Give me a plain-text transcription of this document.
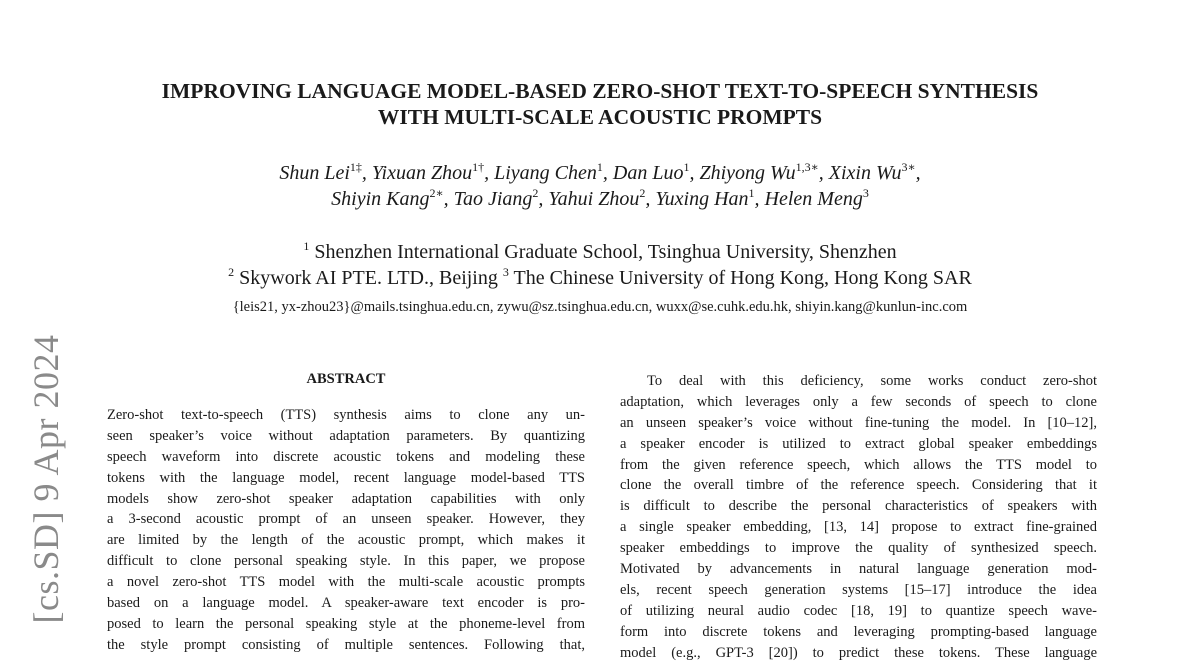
[cs.SD] 9 Apr 2024
IMPROVING LANGUAGE MODEL-BASED ZERO-SHOT TEXT-TO-SPEECH SYNTHESIS
WITH MULTI-SCALE ACOUSTIC PROMPTS
Shun Lei$^{1\ddagger}$, Yixuan Zhou$^{1\dagger}$, Liyang Chen$^1$, Dan Luo$^1$, Zhiyong $Wu^{1,3∗}$, Xixin $Wu^{3∗}$,
Shiyin Kang$^{2∗}$, Tao Jiang$^2$, Yahui Zhou$^2$, Yuxing Han$^1$, Helen Meng$^3$
$^1$ Shenzhen International Graduate School, Tsinghua University, Shenzhen
$^2$ Skywork AI PTE. LTD., Beijing $^3$ The Chinese University of Hong Kong, Hong Kong SAR
{leis21, yx-zhou23}@mails.tsinghua.edu.cn, zywu@sz.tsinghua.edu.cn, wuxx@se.cuhk.edu.hk, shiyin.kang@kunlun-inc.com
ABSTRACT
Zero-shot text-to-speech (TTS) synthesis aims to clone any un-
seen speaker’s voice without adaptation parameters. By quantizing
speech waveform into discrete acoustic tokens and modeling these
tokens with the language model, recent language model-based TTS
models show zero-shot speaker adaptation capabilities with only
a 3-second acoustic prompt of an unseen speaker. However, they
are limited by the length of the acoustic prompt, which makes it
difficult to clone personal speaking style. In this paper, we propose
a novel zero-shot TTS model with the multi-scale acoustic prompts
based on a language model. A speaker-aware text encoder is pro-
posed to learn the personal speaking style at the phoneme-level from
the style prompt consisting of multiple sentences. Following that,
To deal with this deficiency, some works conduct zero-shot
adaptation, which leverages only a few seconds of speech to clone
an unseen speaker’s voice without fine-tuning the model. In [10–12],
a speaker encoder is utilized to extract global speaker embeddings
from the given reference speech, which allows the TTS model to
clone the overall timbre of the reference speech. Considering that it
is difficult to describe the personal characteristics of speakers with
a single speaker embedding, [13, 14] propose to extract fine-grained
speaker embeddings to improve the quality of synthesized speech.
Motivated by advancements in natural language generation mod-
els, recent speech generation systems [15–17] introduce the idea
of utilizing neural audio codec [18, 19] to quantize speech wave-
form into discrete tokens and leveraging prompting-based language
model (e.g., GPT-3 [20]) to predict these tokens. These language
